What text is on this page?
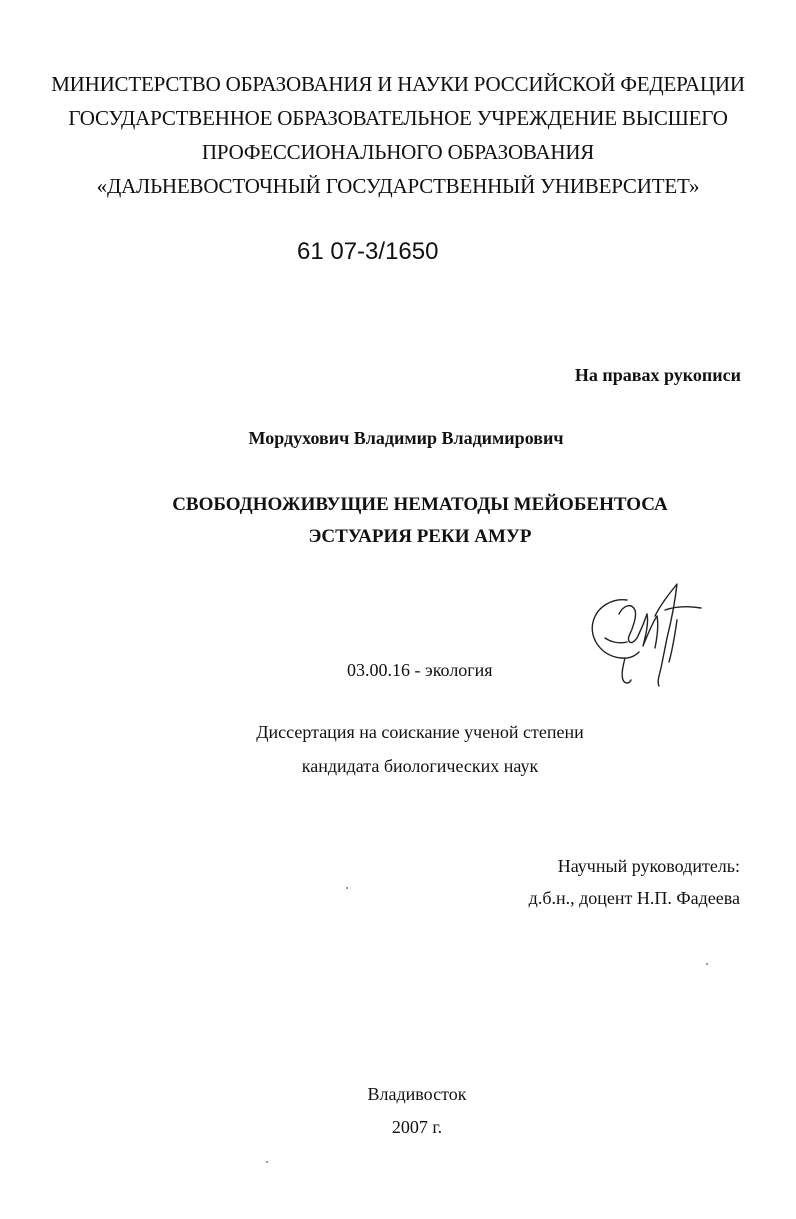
МИНИСТЕРСТВО ОБРАЗОВАНИЯ И НАУКИ РОССИЙСКОЙ ФЕДЕРАЦИИ
ГОСУДАРСТВЕННОЕ ОБРАЗОВАТЕЛЬНОЕ УЧРЕЖДЕНИЕ ВЫСШЕГО
ПРОФЕССИОНАЛЬНОГО ОБРАЗОВАНИЯ
«ДАЛЬНЕВОСТОЧНЫЙ ГОСУДАРСТВЕННЫЙ УНИВЕРСИТЕТ»
61 07-3/1650
На правах рукописи
Мордухович Владимир Владимирович
СВОБОДНОЖИВУЩИЕ НЕМАТОДЫ МЕЙОБЕНТОСА
ЭСТУАРИЯ РЕКИ АМУР
03.00.16 - экология
Диссертация на соискание ученой степени
кандидата биологических наук
Научный руководитель:
д.б.н., доцент Н.П. Фадеева
Владивосток
2007 г.
